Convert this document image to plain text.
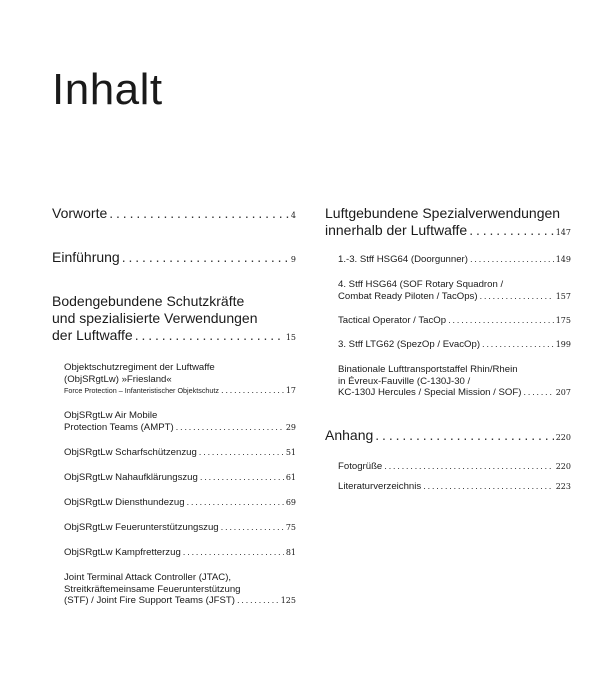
Inhalt
Vorworte . . .	4
Einführung . . .	9
Bodengebundene Schutzkräfte
und spezialisierte Verwendungen
der Luftwaffe . . .	15
Objektschutzregiment der Luftwaffe
(ObjSRgtLw) »Friesland«
Force Protection – Infanteristischer Objektschutz . . .	17
ObjSRgtLw Air Mobile
Protection Teams (AMPT) . . .	29
ObjSRgtLw Scharfschützenzug . . .	51
ObjSRgtLw Nahaufklärungszug . . .	61
ObjSRgtLw Diensthundezug . . .	69
ObjSRgtLw Feuerunterstützungszug . . .	75
ObjSRgtLw Kampfretterzug . . .	81
Joint Terminal Attack Controller (JTAC),
Streitkräftemeinsame Feuerunterstützung
(STF) / Joint Fire Support Teams (JFST) . . .	125
Luftgebundene Spezialverwendungen
innerhalb der Luftwaffe . . .	147
1.-3. Stff HSG64 (Doorgunner) . . .	149
4. Stff HSG64 (SOF Rotary Squadron /
Combat Ready Piloten / TacOps) . . .	157
Tactical Operator / TacOp . . .	175
3. Stff LTG62 (SpezOp / EvacOp) . . .	199
Binationale Lufttransportstaffel Rhin/Rhein
in Évreux-Fauville (C-130J-30 /
KC-130J Hercules / Special Mission / SOF) . . .	207
Anhang . . .	220
Fotogrüße . . .	220
Literaturverzeichnis . . .	223
